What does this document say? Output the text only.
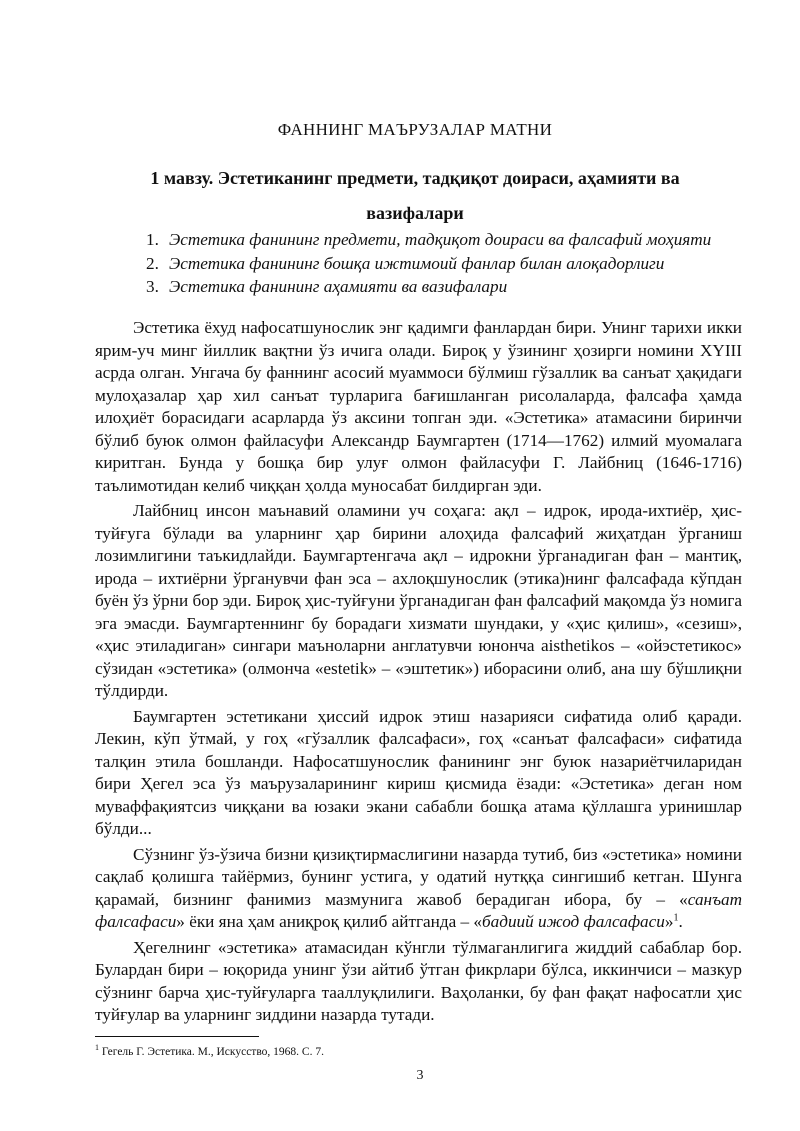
ФАННИНГ МАЪРУЗАЛАР МАТНИ
1 мавзу. Эстетиканинг предмети, тадқиқот доираси, аҳамияти ва
вазифалари
1. Эстетика фанининг предмети, тадқиқот доираси ва фалсафий моҳияти
2. Эстетика фанининг бошқа ижтимоий фанлар билан алоқадорлиги
3. Эстетика фанининг аҳамияти ва вазифалари

Эстетика ёхуд нафосатшунослик энг қадимги фанлардан бири. Унинг тарихи икки ярим-уч минг йиллик вақтни ўз ичига олади. Бироқ у ўзининг ҳозирги номини XYIII асрда олган. Унгача бу фаннинг асосий муаммоси бўлмиш гўзаллик ва санъат ҳақидаги мулоҳазалар ҳар хил санъат турларига бағишланган рисолаларда, фалсафа ҳамда илоҳиёт борасидаги асарларда ўз аксини топган эди. «Эстетика» атамасини биринчи бўлиб буюк олмон файласуфи Александр Баумгартен (1714—1762) илмий муомалага киритган. Бунда у бошқа бир улуғ олмон файласуфи Г. Лайбниц (1646-1716) таълимотидан келиб чиққан ҳолда муносабат билдирган эди.

Лайбниц инсон маънавий оламини уч соҳага: ақл – идрок, ирода-ихтиёр, ҳис-туйғуга бўлади ва уларнинг ҳар бирини алоҳида фалсафий жиҳатдан ўрганиш лозимлигини таъкидлайди. Баумгартенгача ақл – идрокни ўрганадиган фан – мантиқ, ирода – ихтиёрни ўрганувчи фан эса – ахлоқшунослик (этика)нинг фалсафада кўпдан буён ўз ўрни бор эди. Бироқ ҳис-туйғуни ўрганадиган фан фалсафий мақомда ўз номига эга эмасди. Баумгартеннинг бу борадаги хизмати шундаки, у «ҳис қилиш», «сезиш», «ҳис этиладиган» сингари маъноларни англатувчи юнонча aisthetikos – «ойэстетикос» сўзидан «эстетика» (олмонча «estetik» – «эштетик») иборасини олиб, ана шу бўшлиқни тўлдирди.

Баумгартен эстетикани ҳиссий идрок этиш назарияси сифатида олиб қаради. Лекин, кўп ўтмай, у гоҳ «гўзаллик фалсафаси», гоҳ «санъат фалсафаси» сифатида талқин этила бошланди. Нафосатшунослик фанининг энг буюк назариётчиларидан бири Ҳегел эса ўз маърузаларининг кириш қисмида ёзади: «Эстетика» деган ном муваффақиятсиз чиққани ва юзаки экани сабабли бошқа атама қўллашга уринишлар бўлди...

Сўзнинг ўз-ўзича бизни қизиқтирмаслигини назарда тутиб, биз «эстетика» номини сақлаб қолишга тайёрмиз, бунинг устига, у одатий нутққа сингишиб кетган. Шунга қарамай, бизнинг фанимиз мазмунига жавоб берадиган ибора, бу – «санъат фалсафаси» ёки яна ҳам аниқроқ қилиб айтганда – «бадиий ижод фалсафаси»$^1$.

Ҳегелнинг «эстетика» атамасидан кўнгли тўлмаганлигига жиддий сабаблар бор. Булардан бири – юқорида унинг ўзи айтиб ўтган фикрлари бўлса, иккинчиси – мазкур сўзнинг барча ҳис-туйғуларга тааллуқлилиги. Ваҳоланки, бу фан фақат нафосатли ҳис туйғулар ва уларнинг зиддини назарда тутади.

$^1$ Гегель Г. Эстетика. М., Искусство, 1968. С. 7.
3
